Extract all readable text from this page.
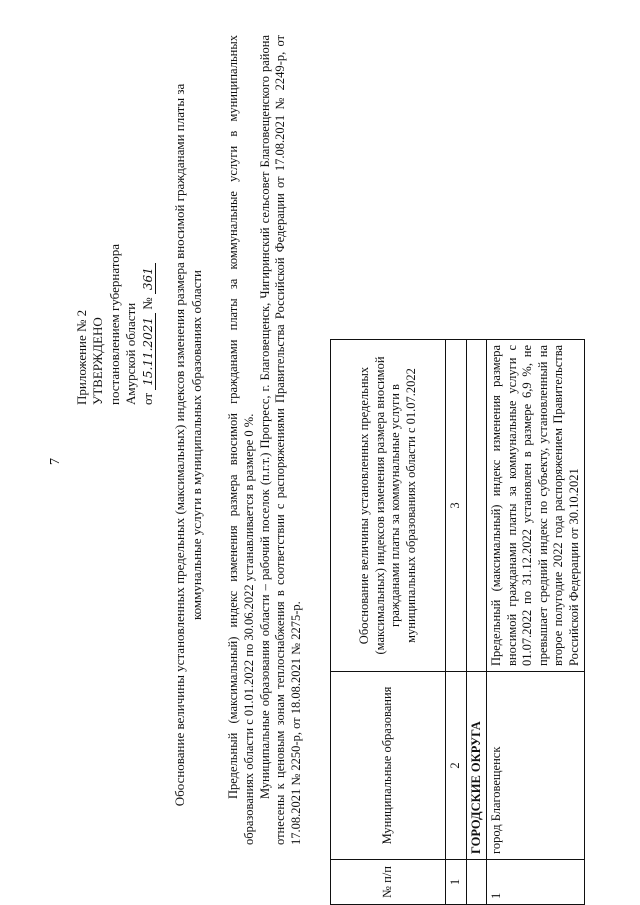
7
Приложение № 2 УТВЕРЖДЕНО постановлением губернатора Амурской области от 15.11.2021 № 361 Обоснование величины установленных предельных (максимальных) индексов изменения размера вносимой гражданами платы за коммунальные услуги в муниципальных образованиях области Предельный (максимальный) индекс изменения размера вносимой гражданами платы за коммунальные услуги в муниципальных образованиях области с 01.01.2022 по 30.06.2022 устанавливается в размере 0 %. Муниципальные образования области – рабочий поселок (п.г.т.) Прогресс, г. Благовещенск, Чигиринский сельсовет Благовещенского района отнесены к ценовым зонам теплоснабжения в соответствии с распоряжениями Правительства Российской Федерации от 17.08.2021 № 2249-р, от 17.08.2021 № 2250-р, от 18.08.2021 № 2275-р.

№ п/п	Муниципальные образования	Обоснование величины установленных предельных (максимальных) индексов изменения размера вносимой гражданами платы за коммунальные услуги в муниципальных образованиях области с 01.07.2022
1	2	3
	ГОРОДСКИЕ ОКРУГА	
1	город Благовещенск	Предельный (максимальный) индекс изменения размера вносимой гражданами платы за коммунальные услуги с 01.07.2022 по 31.12.2022 установлен в размере 6,9 %, не превышает средний индекс по субъекту, установленный на второе полугодие 2022 года распоряжением Правительства Российской Федерации от 30.10.2021
